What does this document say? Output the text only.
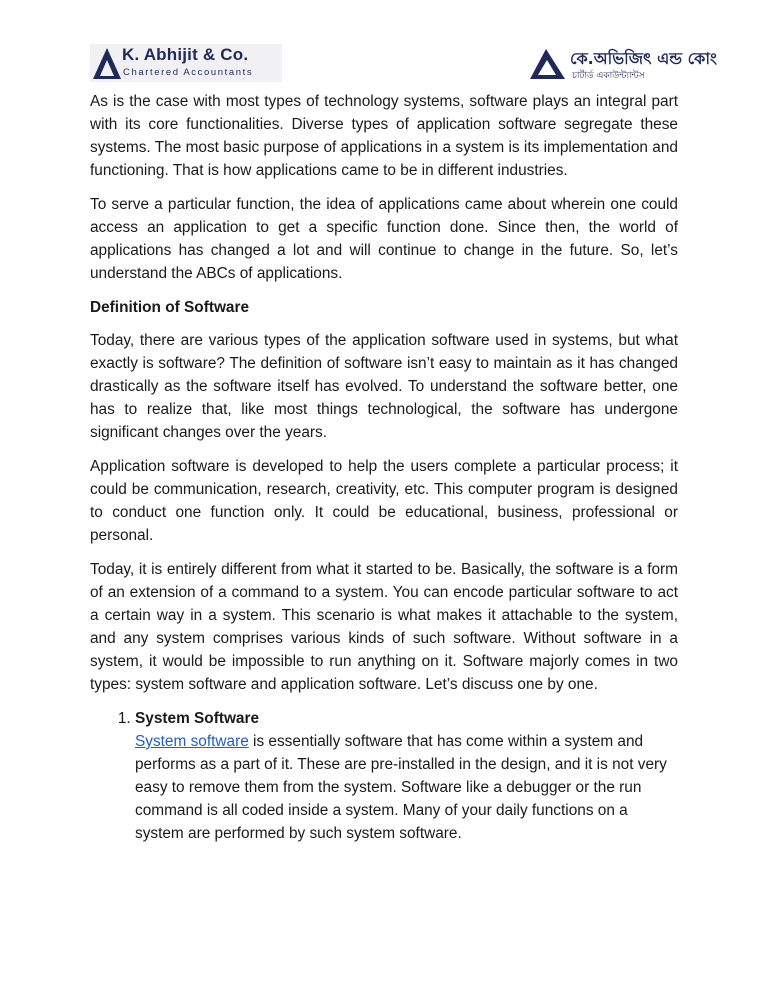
K. Abhijit & Co.
Chartered Accountants
কে.অভিজিৎ এন্ড কোং
চার্টার্ড একাউন্ট্যান্টস

As is the case with most types of technology systems, software plays an integral part with its core functionalities. Diverse types of application software segregate these systems. The most basic purpose of applications in a system is its implementation and functioning. That is how applications came to be in different industries.

To serve a particular function, the idea of applications came about wherein one could access an application to get a specific function done. Since then, the world of applications has changed a lot and will continue to change in the future. So, let’s understand the ABCs of applications.

Definition of Software

Today, there are various types of the application software used in systems, but what exactly is software? The definition of software isn’t easy to maintain as it has changed drastically as the software itself has evolved. To understand the software better, one has to realize that, like most things technological, the software has undergone significant changes over the years.

Application software is developed to help the users complete a particular process; it could be communication, research, creativity, etc. This computer program is designed to conduct one function only. It could be educational, business, professional or personal.

Today, it is entirely different from what it started to be. Basically, the software is a form of an extension of a command to a system. You can encode particular software to act a certain way in a system. This scenario is what makes it attachable to the system, and any system comprises various kinds of such software. Without software in a system, it would be impossible to run anything on it. Software majorly comes in two types: system software and application software. Let’s discuss one by one.

1. System Software
System software is essentially software that has come within a system and performs as a part of it. These are pre-installed in the design, and it is not very easy to remove them from the system. Software like a debugger or the run command is all coded inside a system. Many of your daily functions on a system are performed by such system software.
